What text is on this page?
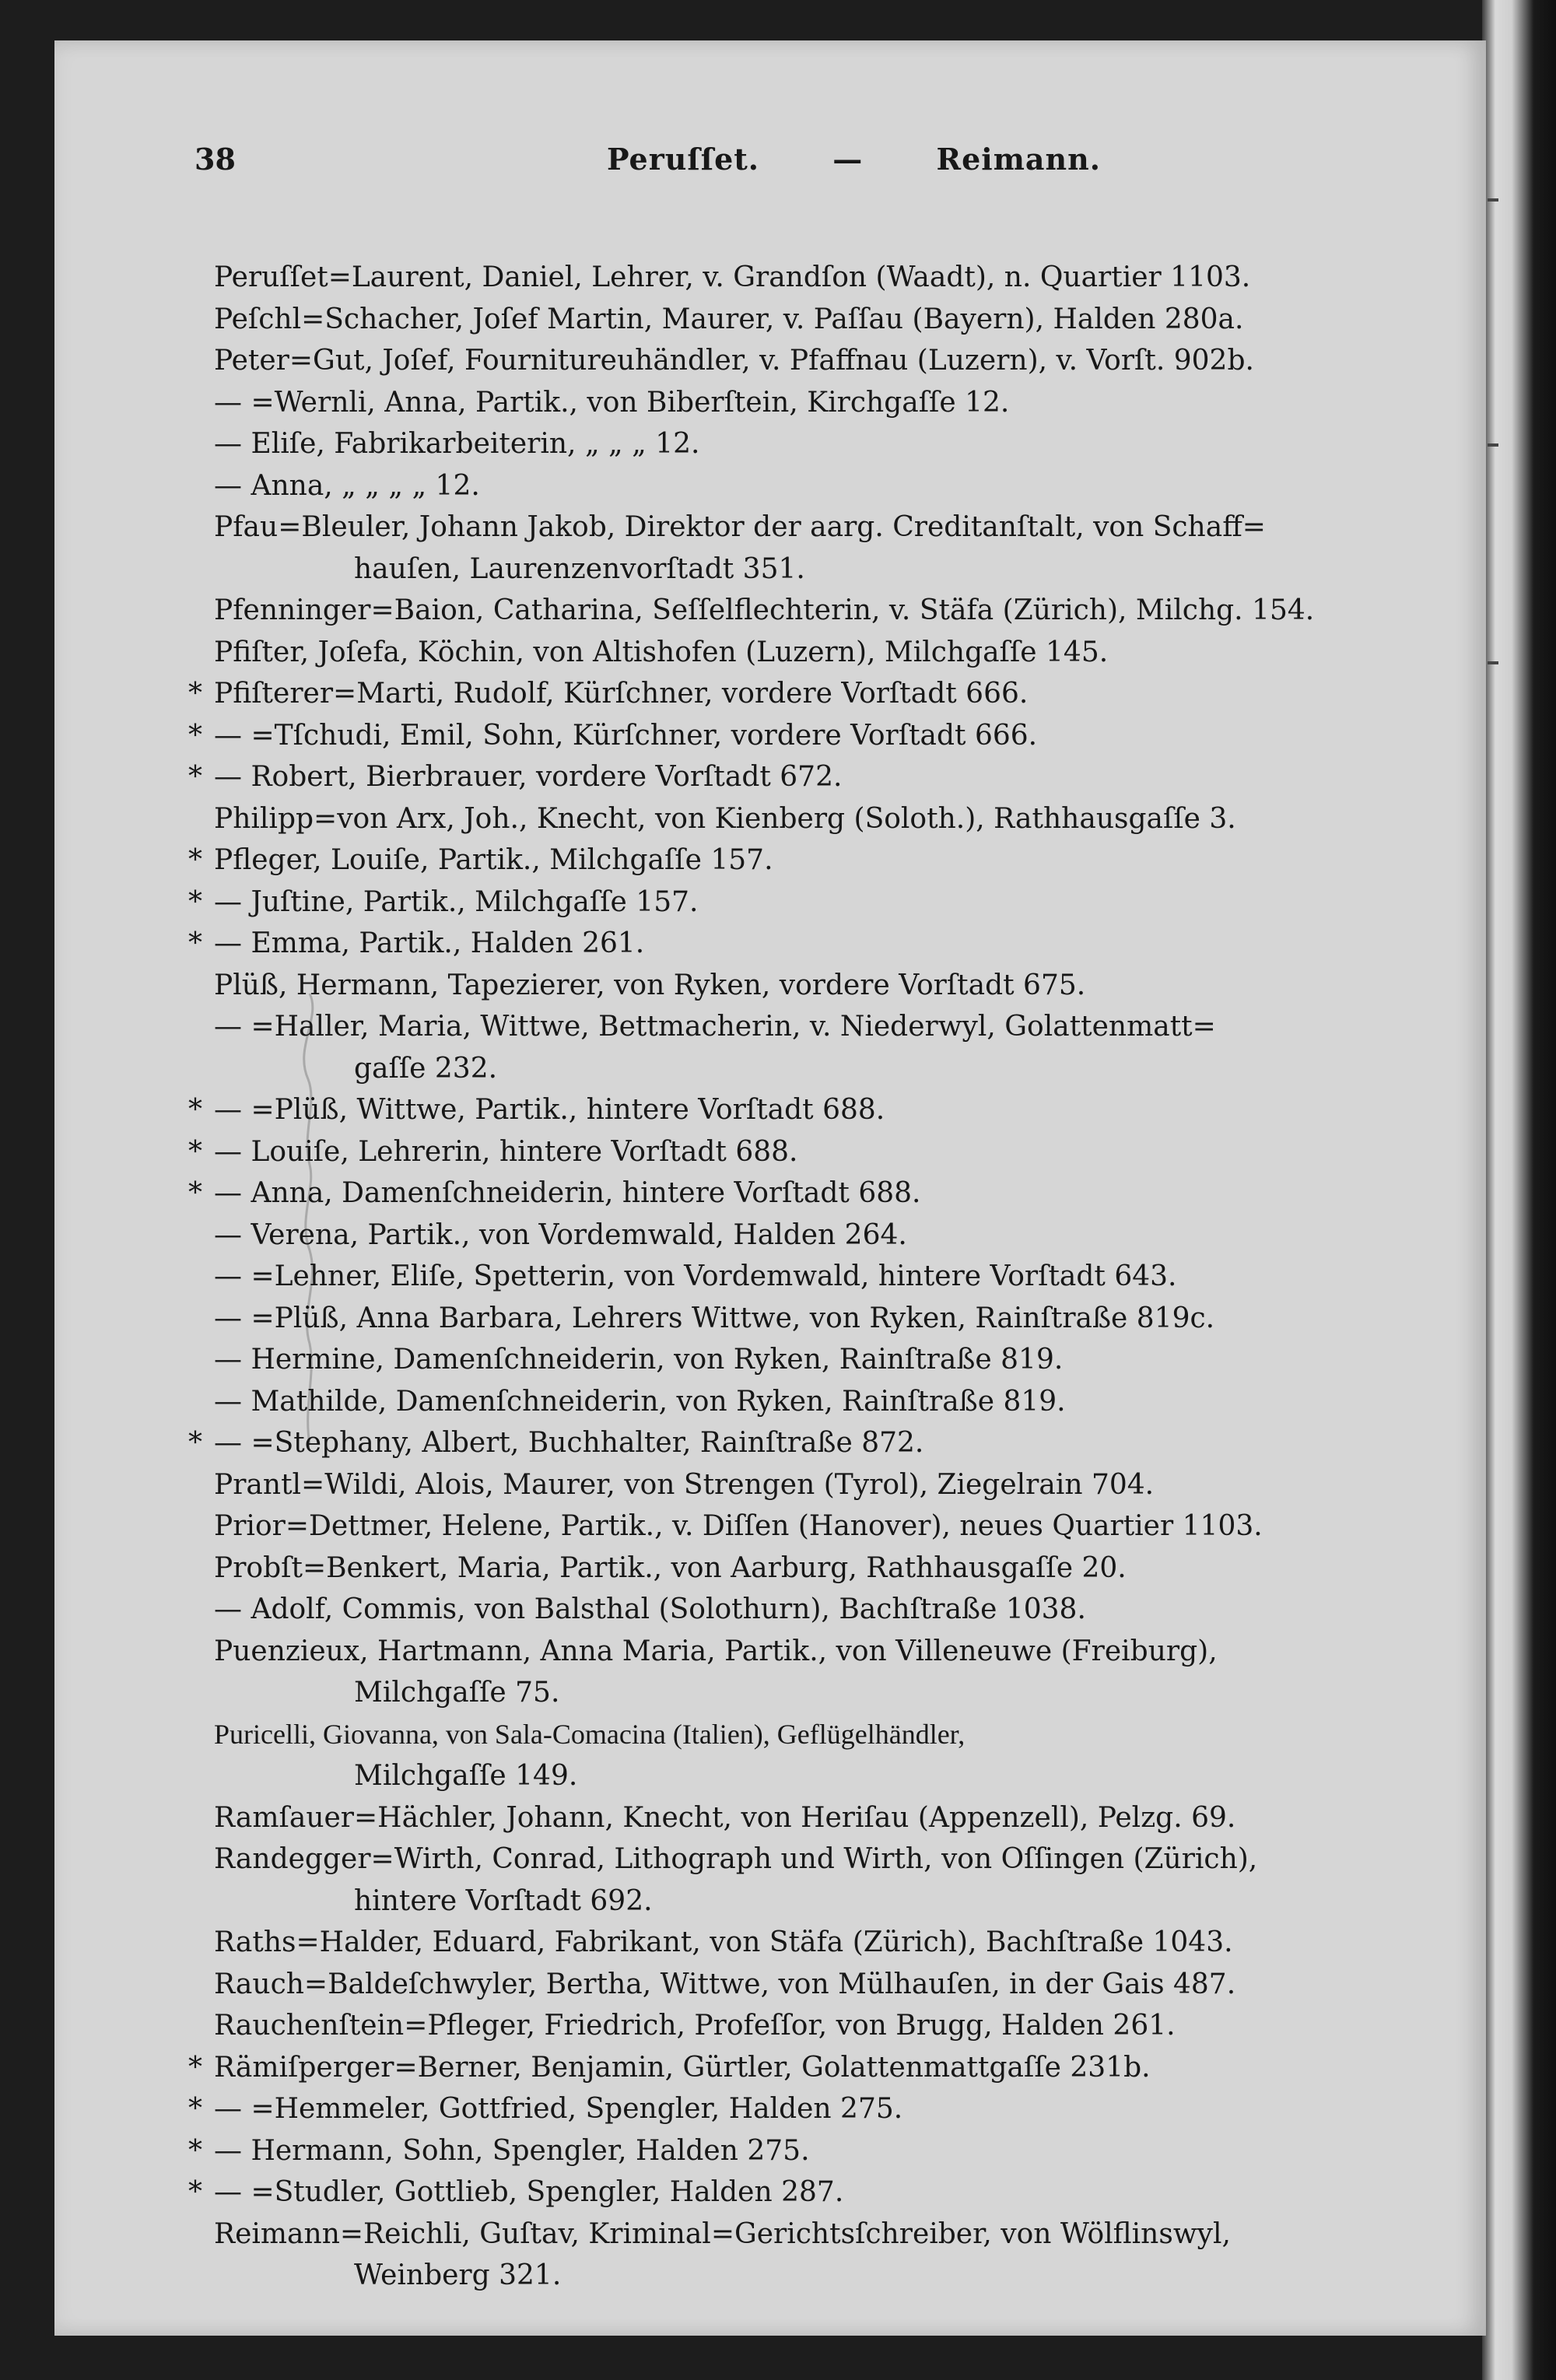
38	Peruſſet. — Reimann.
Peruſſet=Laurent, Daniel, Lehrer, v. Grandſon (Waadt), n. Quartier 1103.
Peſchl=Schacher, Joſef Martin, Maurer, v. Paſſau (Bayern), Halden 280a.
Peter=Gut, Joſef, Fournitureuhändler, v. Pfaffnau (Luzern), v. Vorſt. 902b.
— =Wernli, Anna, Partik., von Biberſtein, Kirchgaſſe 12.
— Eliſe, Fabrikarbeiterin, „ „ „ 12.
— Anna, „ „ „ „ 12.
Pfau=Bleuler, Johann Jakob, Direktor der aarg. Creditanſtalt, von Schaff=
hauſen, Laurenzenvorſtadt 351.
Pfenninger=Baion, Catharina, Seſſelflechterin, v. Stäfa (Zürich), Milchg. 154.
Pfiſter, Joſefa, Köchin, von Altishofen (Luzern), Milchgaſſe 145.
* Pfiſterer=Marti, Rudolf, Kürſchner, vordere Vorſtadt 666.
* — =Tſchudi, Emil, Sohn, Kürſchner, vordere Vorſtadt 666.
* — Robert, Bierbrauer, vordere Vorſtadt 672.
Philipp=von Arx, Joh., Knecht, von Kienberg (Soloth.), Rathhausgaſſe 3.
* Pfleger, Louiſe, Partik., Milchgaſſe 157.
* — Juſtine, Partik., Milchgaſſe 157.
* — Emma, Partik., Halden 261.
Plüß, Hermann, Tapezierer, von Ryken, vordere Vorſtadt 675.
— =Haller, Maria, Wittwe, Bettmacherin, v. Niederwyl, Golattenmatt=
gaſſe 232.
* — =Plüß, Wittwe, Partik., hintere Vorſtadt 688.
* — Louiſe, Lehrerin, hintere Vorſtadt 688.
* — Anna, Damenſchneiderin, hintere Vorſtadt 688.
— Verena, Partik., von Vordemwald, Halden 264.
— =Lehner, Eliſe, Spetterin, von Vordemwald, hintere Vorſtadt 643.
— =Plüß, Anna Barbara, Lehrers Wittwe, von Ryken, Rainſtraße 819c.
— Hermine, Damenſchneiderin, von Ryken, Rainſtraße 819.
— Mathilde, Damenſchneiderin, von Ryken, Rainſtraße 819.
* — =Stephany, Albert, Buchhalter, Rainſtraße 872.
Prantl=Wildi, Alois, Maurer, von Strengen (Tyrol), Ziegelrain 704.
Prior=Dettmer, Helene, Partik., v. Diſſen (Hanover), neues Quartier 1103.
Probſt=Benkert, Maria, Partik., von Aarburg, Rathhausgaſſe 20.
— Adolf, Commis, von Balsthal (Solothurn), Bachſtraße 1038.
Puenzieux, Hartmann, Anna Maria, Partik., von Villeneuwe (Freiburg),
Milchgaſſe 75.
Puricelli, Giovanna, von Sala-Comacina (Italien), Geflügelhändler,
Milchgaſſe 149.
Ramſauer=Hächler, Johann, Knecht, von Heriſau (Appenzell), Pelzg. 69.
Randegger=Wirth, Conrad, Lithograph und Wirth, von Oſſingen (Zürich),
hintere Vorſtadt 692.
Raths=Halder, Eduard, Fabrikant, von Stäfa (Zürich), Bachſtraße 1043.
Rauch=Baldeſchwyler, Bertha, Wittwe, von Mülhauſen, in der Gais 487.
Rauchenſtein=Pfleger, Friedrich, Profeſſor, von Brugg, Halden 261.
* Rämiſperger=Berner, Benjamin, Gürtler, Golattenmattgaſſe 231b.
* — =Hemmeler, Gottfried, Spengler, Halden 275.
* — Hermann, Sohn, Spengler, Halden 275.
* — =Studler, Gottlieb, Spengler, Halden 287.
Reimann=Reichli, Guſtav, Kriminal=Gerichtsſchreiber, von Wölflinswyl,
Weinberg 321.
